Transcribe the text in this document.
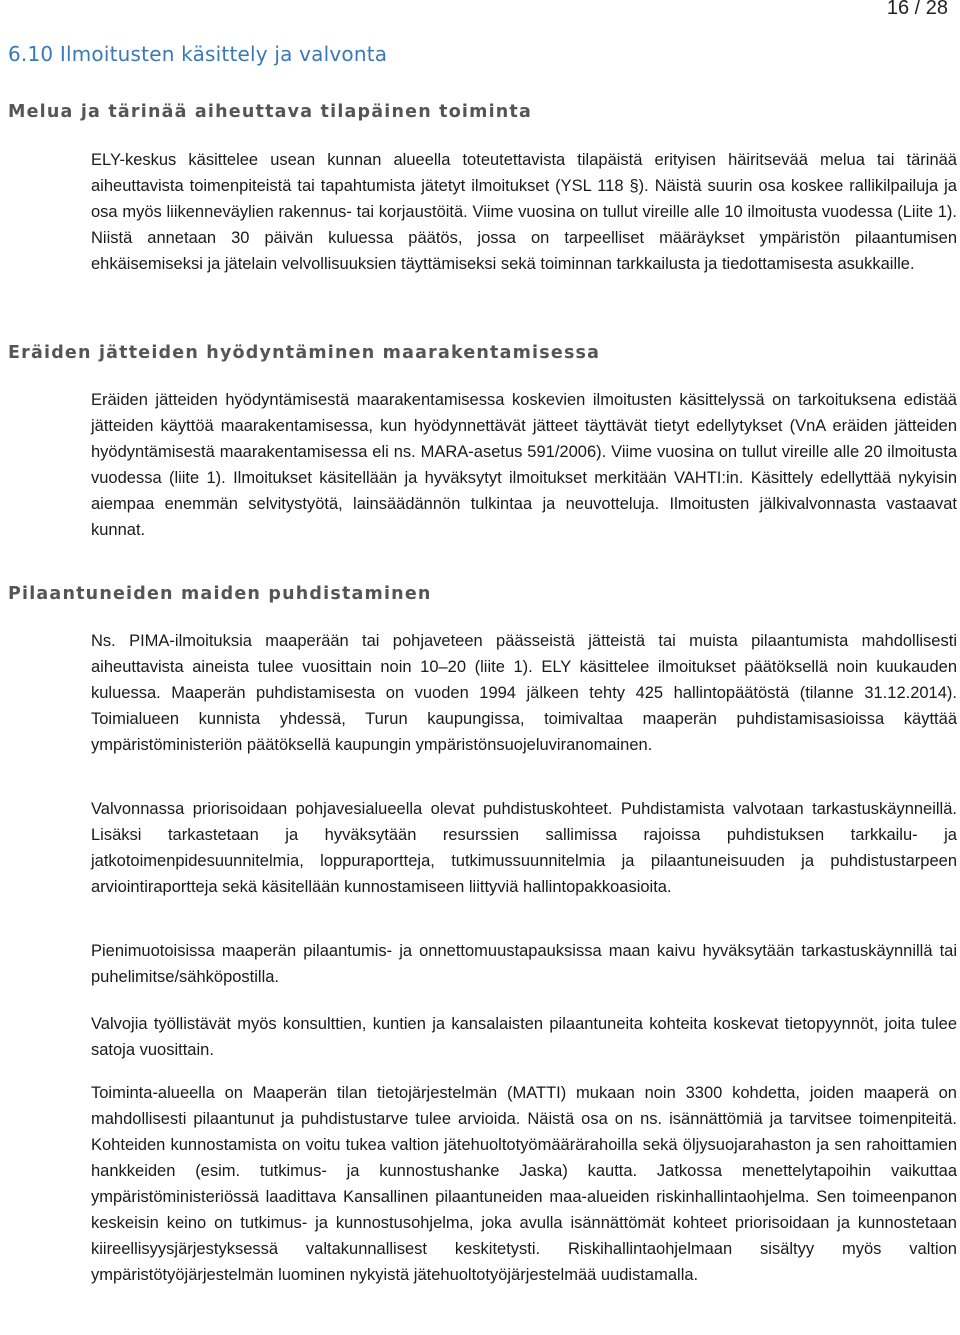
16 / 28
6.10 Ilmoitusten käsittely ja valvonta
Melua ja tärinää aiheuttava tilapäinen toiminta

ELY-keskus käsittelee usean kunnan alueella toteutettavista tilapäistä erityisen häiritsevää melua tai tärinää aiheuttavista toimenpiteistä tai tapahtumista jätetyt ilmoitukset (YSL 118 §). Näistä suurin osa koskee rallikilpailuja ja osa myös liikenneväylien rakennus- tai korjaustöitä. Viime vuosina on tullut vireille alle 10 ilmoitusta vuodessa (Liite 1). Niistä annetaan 30 päivän kuluessa päätös, jossa on tarpeelliset määräykset ympäristön pilaantumisen ehkäisemiseksi ja jätelain velvollisuuksien täyttämiseksi sekä toiminnan tarkkailusta ja tiedottamisesta asukkaille.

Eräiden jätteiden hyödyntäminen maarakentamisessa

Eräiden jätteiden hyödyntämisestä maarakentamisessa koskevien ilmoitusten käsittelyssä on tarkoituksena edistää jätteiden käyttöä maarakentamisessa, kun hyödynnettävät jätteet täyttävät tietyt edellytykset (VnA eräiden jätteiden hyödyntämisestä maarakentamisessa eli ns. MARA-asetus 591/2006). Viime vuosina on tullut vireille alle 20 ilmoitusta vuodessa (liite 1). Ilmoitukset käsitellään ja hyväksytyt ilmoitukset merkitään VAHTI:in. Käsittely edellyttää nykyisin aiempaa enemmän selvitystyötä, lainsäädännön tulkintaa ja neuvotteluja. Ilmoitusten jälkivalvonnasta vastaavat kunnat.

Pilaantuneiden maiden puhdistaminen

Ns. PIMA-ilmoituksia maaperään tai pohjaveteen päässeistä jätteistä tai muista pilaantumista mahdollisesti aiheuttavista aineista tulee vuosittain noin 10–20 (liite 1). ELY käsittelee ilmoitukset päätöksellä noin kuukauden kuluessa. Maaperän puhdistamisesta on vuoden 1994 jälkeen tehty 425 hallintopäätöstä (tilanne 31.12.2014). Toimialueen kunnista yhdessä, Turun kaupungissa, toimivaltaa maaperän puhdistamisasioissa käyttää ympäristöministeriön päätöksellä kaupungin ympäristönsuojeluviranomainen.

Valvonnassa priorisoidaan pohjavesialueella olevat puhdistuskohteet. Puhdistamista valvotaan tarkastuskäynneillä. Lisäksi tarkastetaan ja hyväksytään resurssien sallimissa rajoissa puhdistuksen tarkkailu- ja jatkotoimenpidesuunnitelmia, loppuraportteja, tutkimussuunnitelmia ja pilaantuneisuuden ja puhdistustarpeen arviointiraportteja sekä käsitellään kunnostamiseen liittyviä hallintopakkoasioita.

Pienimuotoisissa maaperän pilaantumis- ja onnettomuustapauksissa maan kaivu hyväksytään tarkastuskäynnillä tai puhelimitse/sähköpostilla.

Valvojia työllistävät myös konsulttien, kuntien ja kansalaisten pilaantuneita kohteita koskevat tietopyynnöt, joita tulee satoja vuosittain.

Toiminta-alueella on Maaperän tilan tietojärjestelmän (MATTI) mukaan noin 3300 kohdetta, joiden maaperä on mahdollisesti pilaantunut ja puhdistustarve tulee arvioida. Näistä osa on ns. isännättömiä ja tarvitsee toimenpiteitä. Kohteiden kunnostamista on voitu tukea valtion jätehuoltotyömäärärahoilla sekä öljysuojarahaston ja sen rahoittamien hankkeiden (esim. tutkimus- ja kunnostushanke Jaska) kautta. Jatkossa menettelytapoihin vaikuttaa ympäristöministeriössä laadittava Kansallinen pilaantuneiden maa-alueiden riskinhallintaohjelma. Sen toimeenpanon keskeisin keino on tutkimus- ja kunnostusohjelma, joka avulla isännättömät kohteet priorisoidaan ja kunnostetaan kiireellisyysjärjestyksessä valtakunnallisest keskitetysti. Riskihallintaohjelmaan sisältyy myös valtion ympäristötyöjärjestelmän luominen nykyistä jätehuoltotyöjärjestelmää uudistamalla.
